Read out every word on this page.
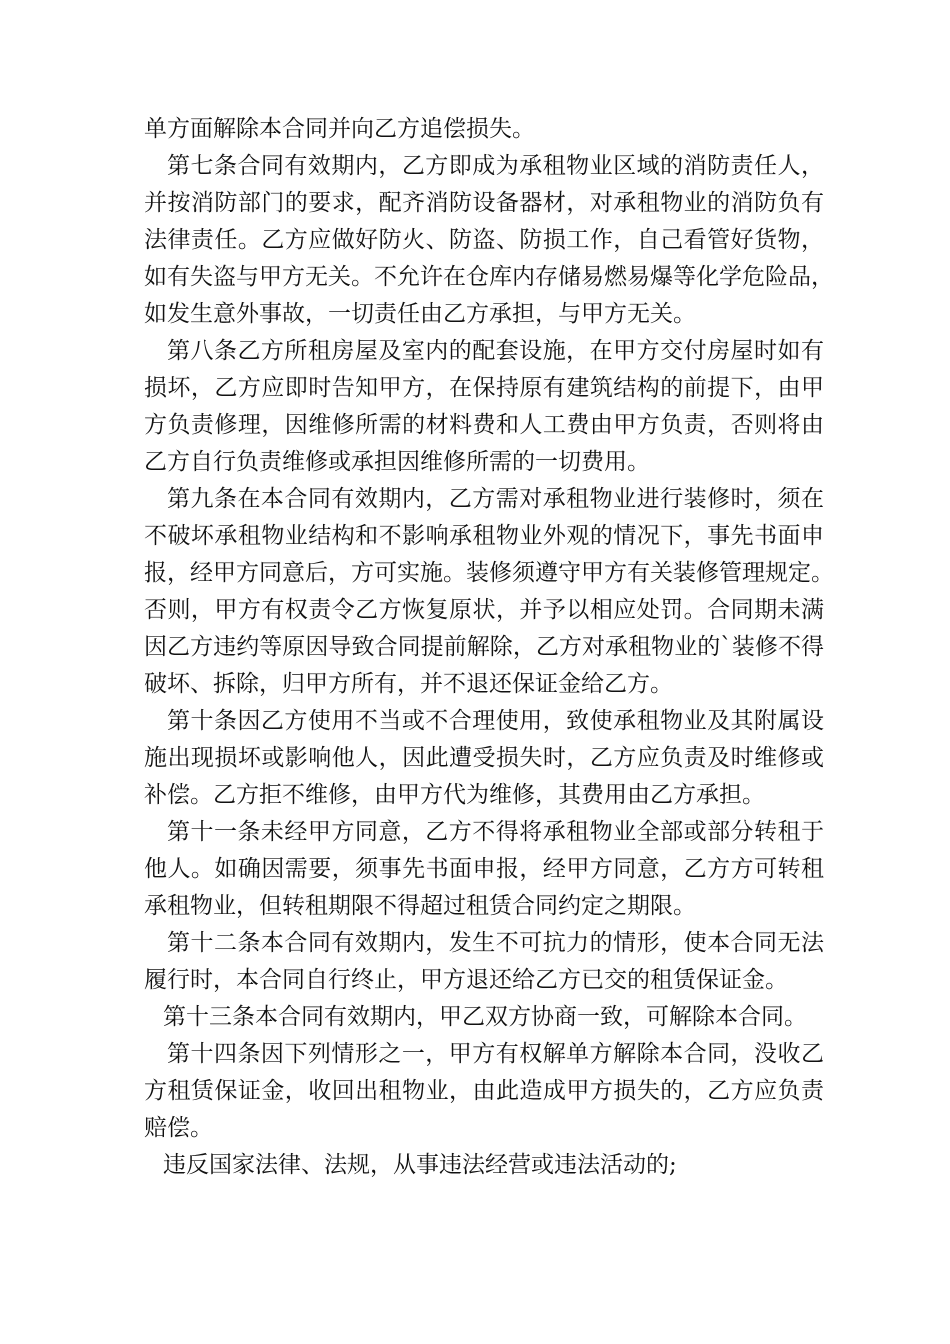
单方面解除本合同并向乙方追偿损失。
第七条合同有效期内，乙方即成为承租物业区域的消防责任人，
并按消防部门的要求，配齐消防设备器材，对承租物业的消防负有
法律责任。乙方应做好防火、防盗、防损工作，自己看管好货物，
如有失盗与甲方无关。不允许在仓库内存储易燃易爆等化学危险品，
如发生意外事故，一切责任由乙方承担，与甲方无关。
第八条乙方所租房屋及室内的配套设施，在甲方交付房屋时如有
损坏，乙方应即时告知甲方，在保持原有建筑结构的前提下，由甲
方负责修理，因维修所需的材料费和人工费由甲方负责，否则将由
乙方自行负责维修或承担因维修所需的一切费用。
第九条在本合同有效期内，乙方需对承租物业进行装修时，须在
不破坏承租物业结构和不影响承租物业外观的情况下，事先书面申
报，经甲方同意后，方可实施。装修须遵守甲方有关装修管理规定。
否则，甲方有权责令乙方恢复原状，并予以相应处罚。合同期未满
因乙方违约等原因导致合同提前解除，乙方对承租物业的`装修不得
破坏、拆除，归甲方所有，并不退还保证金给乙方。
第十条因乙方使用不当或不合理使用，致使承租物业及其附属设
施出现损坏或影响他人，因此遭受损失时，乙方应负责及时维修或
补偿。乙方拒不维修，由甲方代为维修，其费用由乙方承担。
第十一条未经甲方同意，乙方不得将承租物业全部或部分转租于
他人。如确因需要，须事先书面申报，经甲方同意，乙方方可转租
承租物业，但转租期限不得超过租赁合同约定之期限。
第十二条本合同有效期内，发生不可抗力的情形，使本合同无法
履行时，本合同自行终止，甲方退还给乙方已交的租赁保证金。
第十三条本合同有效期内，甲乙双方协商一致，可解除本合同。
第十四条因下列情形之一，甲方有权解单方解除本合同，没收乙
方租赁保证金，收回出租物业，由此造成甲方损失的，乙方应负责
赔偿。
违反国家法律、法规，从事违法经营或违法活动的;
